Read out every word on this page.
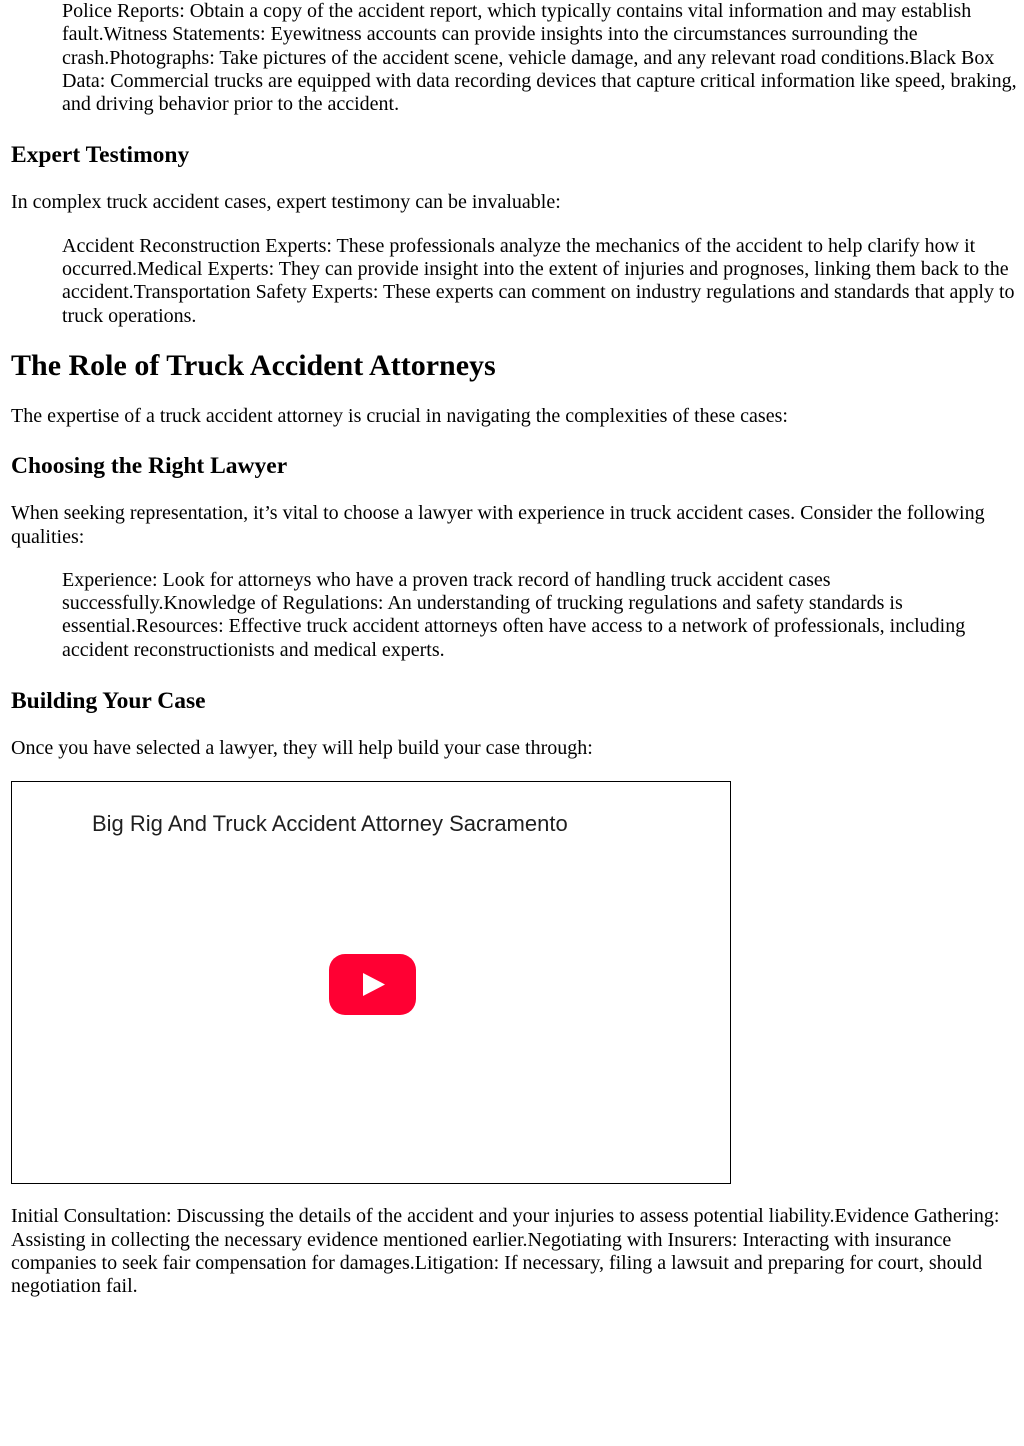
Police Reports: Obtain a copy of the accident report, which typically contains vital information and may establish fault.Witness Statements: Eyewitness accounts can provide insights into the circumstances surrounding the crash.Photographs: Take pictures of the accident scene, vehicle damage, and any relevant road conditions.Black Box Data: Commercial trucks are equipped with data recording devices that capture critical information like speed, braking, and driving behavior prior to the accident.

Expert Testimony

In complex truck accident cases, expert testimony can be invaluable:

Accident Reconstruction Experts: These professionals analyze the mechanics of the accident to help clarify how it occurred.Medical Experts: They can provide insight into the extent of injuries and prognoses, linking them back to the accident.Transportation Safety Experts: These experts can comment on industry regulations and standards that apply to truck operations.

The Role of Truck Accident Attorneys

The expertise of a truck accident attorney is crucial in navigating the complexities of these cases:

Choosing the Right Lawyer

When seeking representation, it’s vital to choose a lawyer with experience in truck accident cases. Consider the following qualities:

Experience: Look for attorneys who have a proven track record of handling truck accident cases successfully.Knowledge of Regulations: An understanding of trucking regulations and safety standards is essential.Resources: Effective truck accident attorneys often have access to a network of professionals, including accident reconstructionists and medical experts.

Building Your Case

Once you have selected a lawyer, they will help build your case through:

Big Rig And Truck Accident Attorney Sacramento

Initial Consultation: Discussing the details of the accident and your injuries to assess potential liability.Evidence Gathering: Assisting in collecting the necessary evidence mentioned earlier.Negotiating with Insurers: Interacting with insurance companies to seek fair compensation for damages.Litigation: If necessary, filing a lawsuit and preparing for court, should negotiation fail.
